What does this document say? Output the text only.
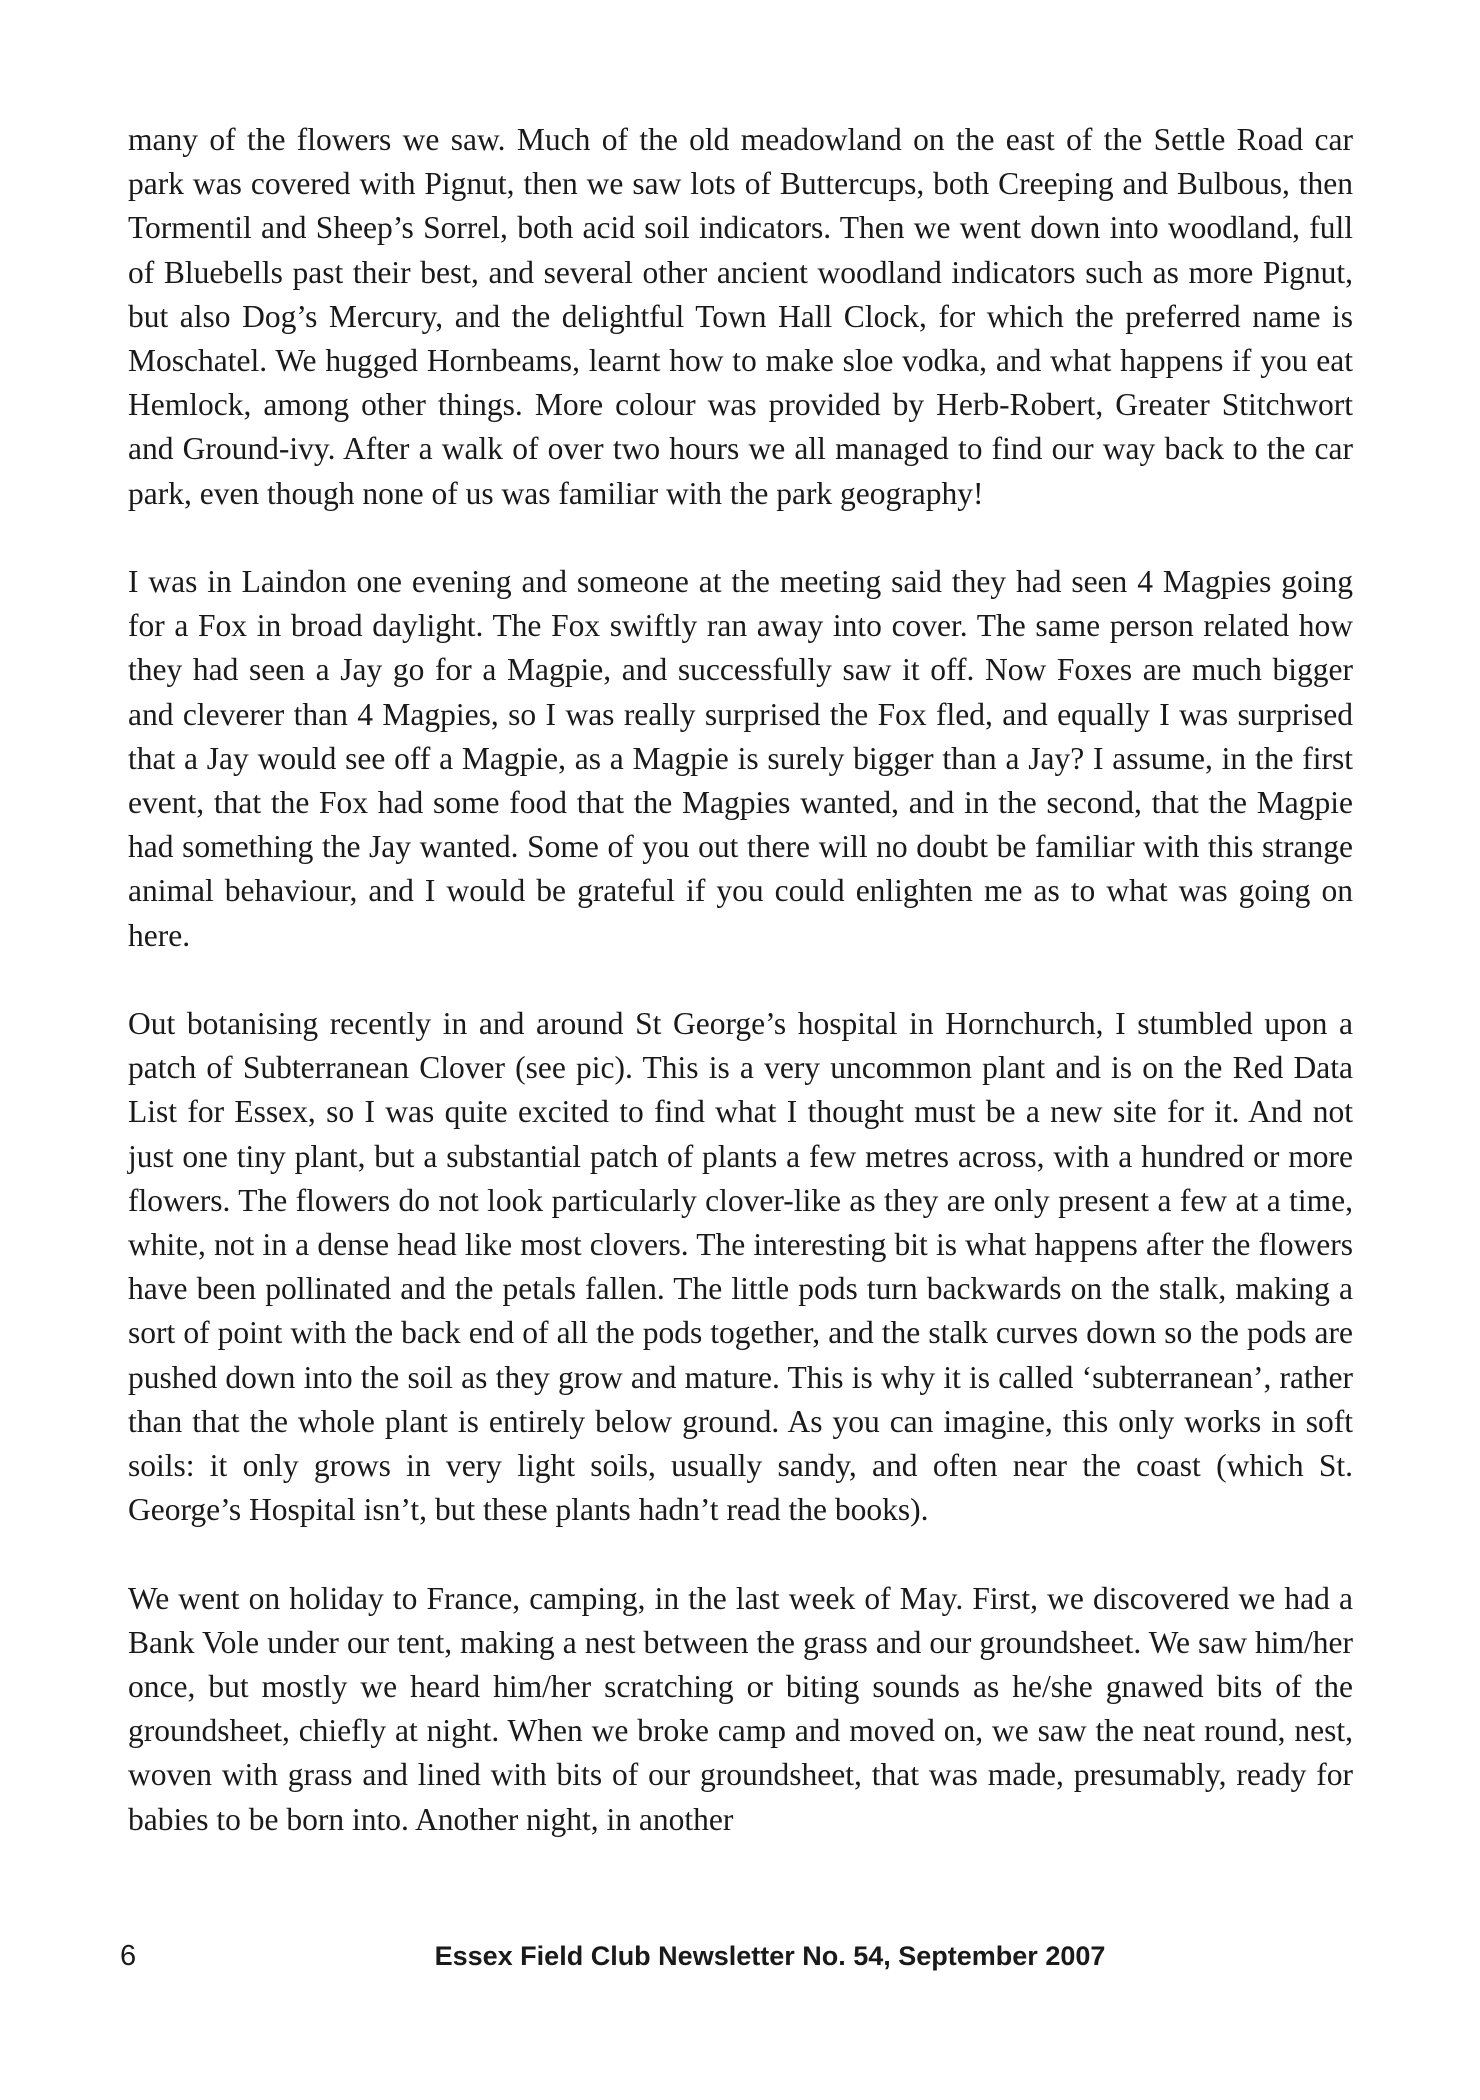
many of the flowers we saw. Much of the old meadowland on the east of the Settle Road car park was covered with Pignut, then we saw lots of Buttercups, both Creeping and Bulbous, then Tormentil and Sheep’s Sorrel, both acid soil indicators. Then we went down into woodland, full of Bluebells past their best, and several other ancient woodland indicators such as more Pignut, but also Dog’s Mercury, and the delightful Town Hall Clock, for which the preferred name is Moschatel. We hugged Hornbeams, learnt how to make sloe vodka, and what happens if you eat Hemlock, among other things. More colour was provided by Herb-Robert, Greater Stitchwort and Ground-ivy. After a walk of over two hours we all managed to find our way back to the car park, even though none of us was familiar with the park geography!

I was in Laindon one evening and someone at the meeting said they had seen 4 Magpies going for a Fox in broad daylight. The Fox swiftly ran away into cover. The same person related how they had seen a Jay go for a Magpie, and successfully saw it off. Now Foxes are much bigger and cleverer than 4 Magpies, so I was really surprised the Fox fled, and equally I was surprised that a Jay would see off a Magpie, as a Magpie is surely bigger than a Jay? I assume, in the first event, that the Fox had some food that the Magpies wanted, and in the second, that the Magpie had something the Jay wanted. Some of you out there will no doubt be familiar with this strange animal behaviour, and I would be grateful if you could enlighten me as to what was going on here.

Out botanising recently in and around St George’s hospital in Hornchurch, I stumbled upon a patch of Subterranean Clover (see pic). This is a very uncommon plant and is on the Red Data List for Essex, so I was quite excited to find what I thought must be a new site for it. And not just one tiny plant, but a substantial patch of plants a few metres across, with a hundred or more flowers. The flowers do not look particularly clover-like as they are only present a few at a time, white, not in a dense head like most clovers. The interesting bit is what happens after the flowers have been pollinated and the petals fallen. The little pods turn backwards on the stalk, making a sort of point with the back end of all the pods together, and the stalk curves down so the pods are pushed down into the soil as they grow and mature. This is why it is called ‘subterranean’, rather than that the whole plant is entirely below ground. As you can imagine, this only works in soft soils: it only grows in very light soils, usually sandy, and often near the coast (which St. George’s Hospital isn’t, but these plants hadn’t read the books).

We went on holiday to France, camping, in the last week of May. First, we discovered we had a Bank Vole under our tent, making a nest between the grass and our groundsheet. We saw him/her once, but mostly we heard him/her scratching or biting sounds as he/she gnawed bits of the groundsheet, chiefly at night. When we broke camp and moved on, we saw the neat round, nest, woven with grass and lined with bits of our groundsheet, that was made, presumably, ready for babies to be born into. Another night, in another

6	Essex Field Club Newsletter No. 54, September 2007
